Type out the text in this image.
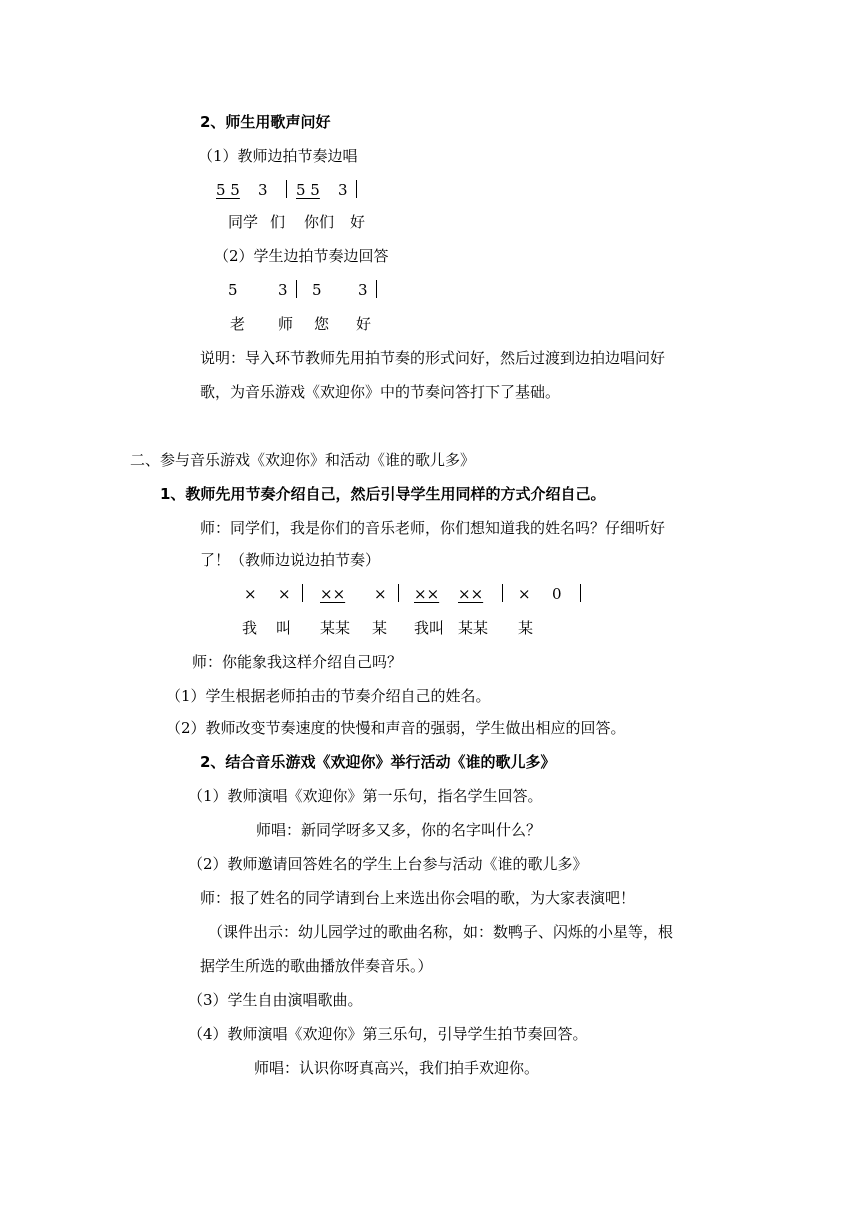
2、师生用歌声问好
（1）教师边拍节奏边唱
5 5 3 5 5 3
同学 们 你们 好
（2）学生边拍节奏边回答
5	3 5 3
老 师 您 好
说明：导入环节教师先用拍节奏的形式问好，然后过渡到边拍边唱问好
歌，为音乐游戏《欢迎你》中的节奏问答打下了基础。
二、参与音乐游戏《欢迎你》和活动《谁的歌儿多》
1、教师先用节奏介绍自己，然后引导学生用同样的方式介绍自己。
师：同学们，我是你们的音乐老师，你们想知道我的姓名吗？仔细听好
了！（教师边说边拍节奏）
× × ×× × ×× ×× × 0
我 叫 某某 某 我叫 某某 某
师：你能象我这样介绍自己吗？
（1）学生根据老师拍击的节奏介绍自己的姓名。
（2）教师改变节奏速度的快慢和声音的强弱，学生做出相应的回答。
2、结合音乐游戏《欢迎你》举行活动《谁的歌儿多》
（1）教师演唱《欢迎你》第一乐句，指名学生回答。
师唱：新同学呀多又多，你的名字叫什么？
（2）教师邀请回答姓名的学生上台参与活动《谁的歌儿多》
师：报了姓名的同学请到台上来选出你会唱的歌，为大家表演吧！
（课件出示：幼儿园学过的歌曲名称，如：数鸭子、闪烁的小星等，根
据学生所选的歌曲播放伴奏音乐。）
（3）学生自由演唱歌曲。
（4）教师演唱《欢迎你》第三乐句，引导学生拍节奏回答。
师唱：认识你呀真高兴，我们拍手欢迎你。
